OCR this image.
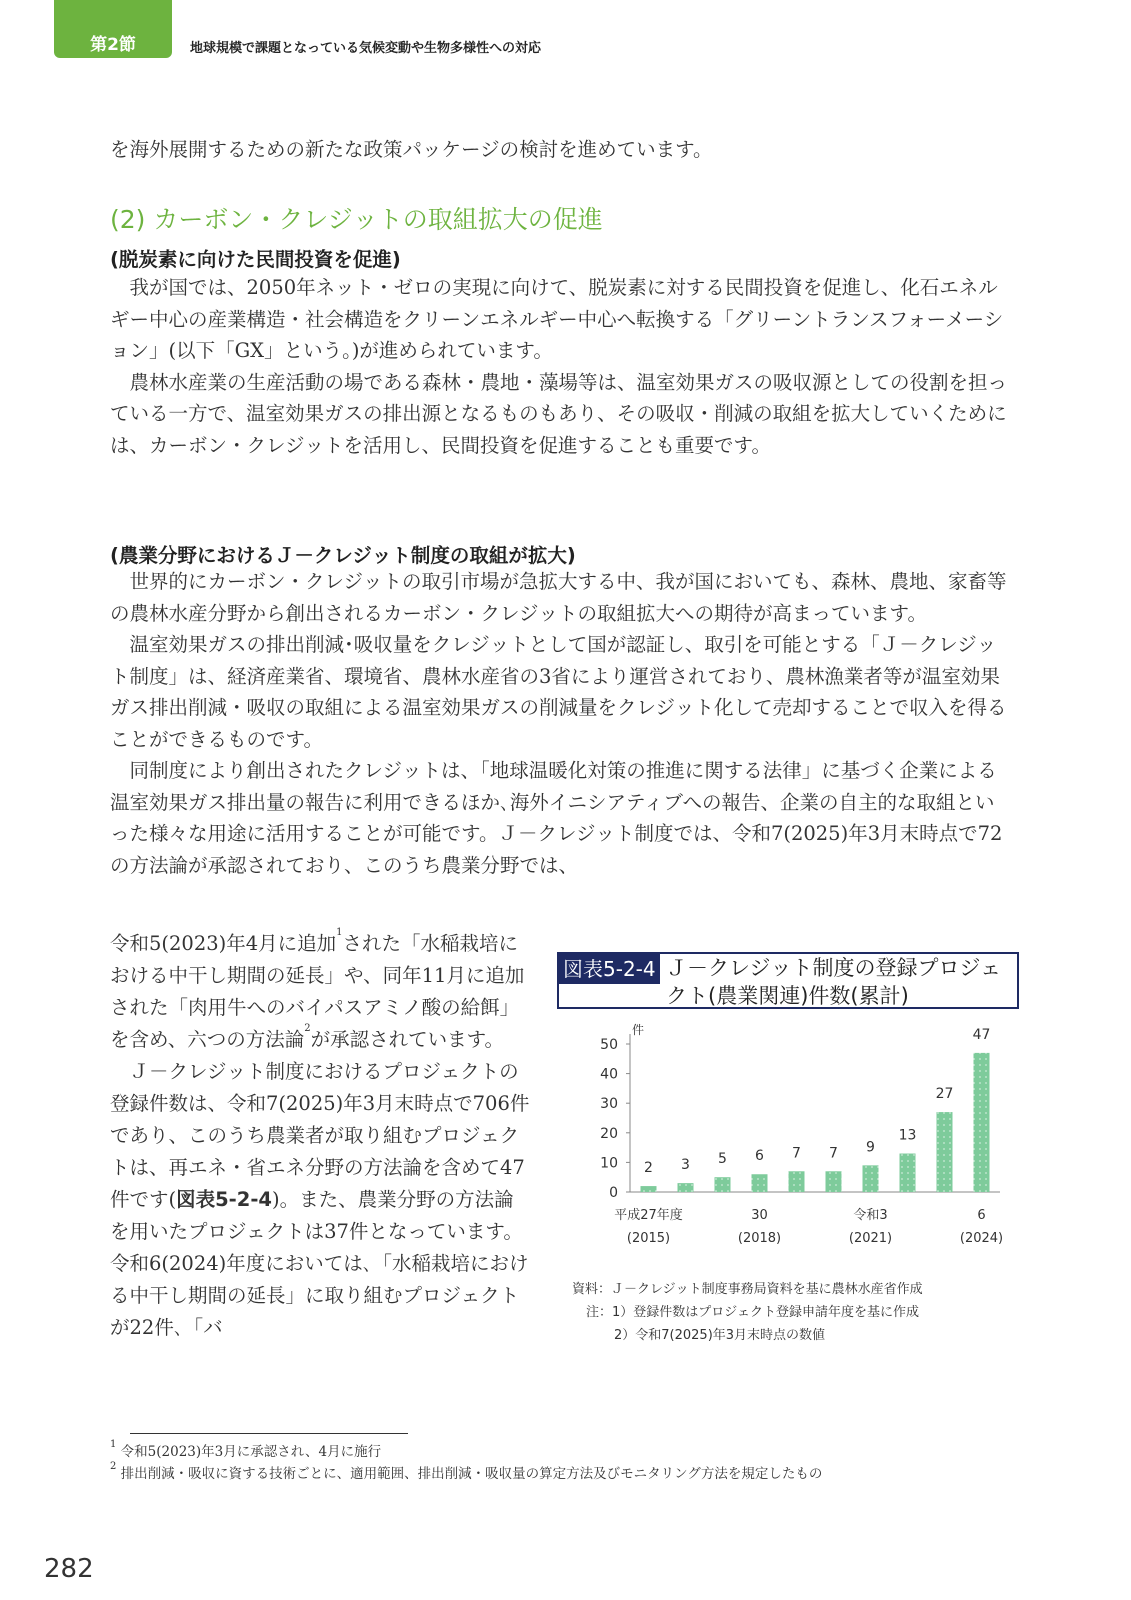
第2節	地球規模で課題となっている気候変動や生物多様性への対応
を海外展開するための新たな政策パッケージの検討を進めています。
(2) カーボン・クレジットの取組拡大の促進
(脱炭素に向けた民間投資を促進)

我が国では、2050年ネット・ゼロの実現に向けて、脱炭素に対する民間投資を促進し、化石エネルギー中心の産業構造・社会構造をクリーンエネルギー中心へ転換する「グリーントランスフォーメーション」(以下「GX」という。)が進められています。

農林水産業の生産活動の場である森林・農地・藻場等は、温室効果ガスの吸収源としての役割を担っている一方で、温室効果ガスの排出源となるものもあり、その吸収・削減の取組を拡大していくためには、カーボン・クレジットを活用し、民間投資を促進することも重要です。

(農業分野におけるＪ－クレジット制度の取組が拡大)

世界的にカーボン・クレジットの取引市場が急拡大する中、我が国においても、森林、農地、家畜等の農林水産分野から創出されるカーボン・クレジットの取組拡大への期待が高まっています。

温室効果ガスの排出削減･吸収量をクレジットとして国が認証し、取引を可能とする「Ｊ－クレジット制度」は、経済産業省、環境省、農林水産省の3省により運営されており、農林漁業者等が温室効果ガス排出削減・吸収の取組による温室効果ガスの削減量をクレジット化して売却することで収入を得ることができるものです。

同制度により創出されたクレジットは、「地球温暖化対策の推進に関する法律」に基づく企業による温室効果ガス排出量の報告に利用できるほか､海外イニシアティブへの報告、企業の自主的な取組といった様々な用途に活用することが可能です。Ｊ－クレジット制度では、令和7(2025)年3月末時点で72の方法論が承認されており、このうち農業分野では、

令和5(2023)年4月に追加$^1$された「水稲栽培における中干し期間の延長」や、同年11月に追加された「肉用牛へのバイパスアミノ酸の給餌」を含め、六つの方法論$^2$が承認されています。

Ｊ－クレジット制度におけるプロジェクトの登録件数は、令和7(2025)年3月末時点で706件であり、このうち農業者が取り組むプロジェクトは、再エネ・省エネ分野の方法論を含めて47件です(図表5-2-4)。また、農業分野の方法論を用いたプロジェクトは37件となっています。令和6(2024)年度においては､「水稲栽培における中干し期間の延長」に取り組むプロジェクトが22件､「バ

図表5-2-4 Ｊ－クレジット制度の登録プロジェクト(農業関連)件数(累計)
件
0
10
20
30
40
50
2 3 5 6 7 7 9
13
27
47
平成27年度
(2015)
30
(2018)
令和3
(2021)
6
(2024)
資料：Ｊ－クレジット制度事務局資料を基に農林水産省作成
注：1）登録件数はプロジェクト登録申請年度を基に作成
2）令和7(2025)年3月末時点の数値
$^1$ 令和5(2023)年3月に承認され、4月に施行
$^2$ 排出削減・吸収に資する技術ごとに、適用範囲、排出削減・吸収量の算定方法及びモニタリング方法を規定したもの
282
